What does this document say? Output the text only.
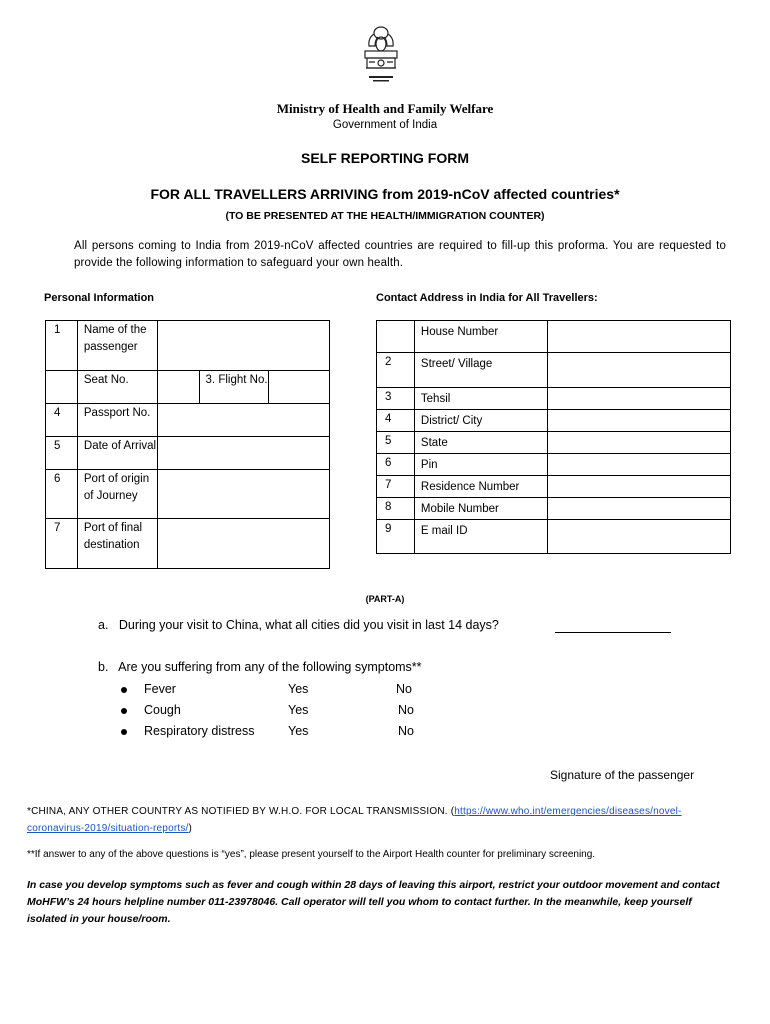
Ministry of Health and Family Welfare
Government of India
SELF REPORTING FORM
FOR ALL TRAVELLERS ARRIVING from 2019-nCoV affected countries*
(TO BE PRESENTED AT THE HEALTH/IMMIGRATION COUNTER)
All persons coming to India from 2019-nCoV affected countries are required to fill-up this proforma. You are requested to provide the following information to safeguard your own health.
Personal Information	Contact Address in India for All Travellers:
1	Name of the passenger			
	Seat No.		3. Flight No.	
4	Passport No.			
5	Date of Arrival			
6	Port of origin of Journey			
7	Port of final destination			
	House Number	
2	Street/ Village	
3	Tehsil	
4	District/ City	
5	State	
6	Pin	
7	Residence Number	
8	Mobile Number	
9	E mail ID	
(PART-A)
a.   During your visit to China, what all cities did you visit in last 14 days?
b.   Are you suffering from any of the following symptoms**
Fever	Yes	No
Cough	Yes	No
Respiratory distress	Yes	No
Signature of the passenger
*CHINA, ANY OTHER COUNTRY AS NOTIFIED BY W.H.O. FOR LOCAL TRANSMISSION. (https://www.who.int/emergencies/diseases/novel-coronavirus-2019/situation-reports/)
**If answer to any of the above questions is “yes”, please present yourself to the Airport Health counter for preliminary screening.
In case you develop symptoms such as fever and cough within 28 days of leaving this airport, restrict your outdoor movement and contact MoHFW’s 24 hours helpline number 011-23978046. Call operator will tell you whom to contact further. In the meanwhile, keep yourself isolated in your house/room.
